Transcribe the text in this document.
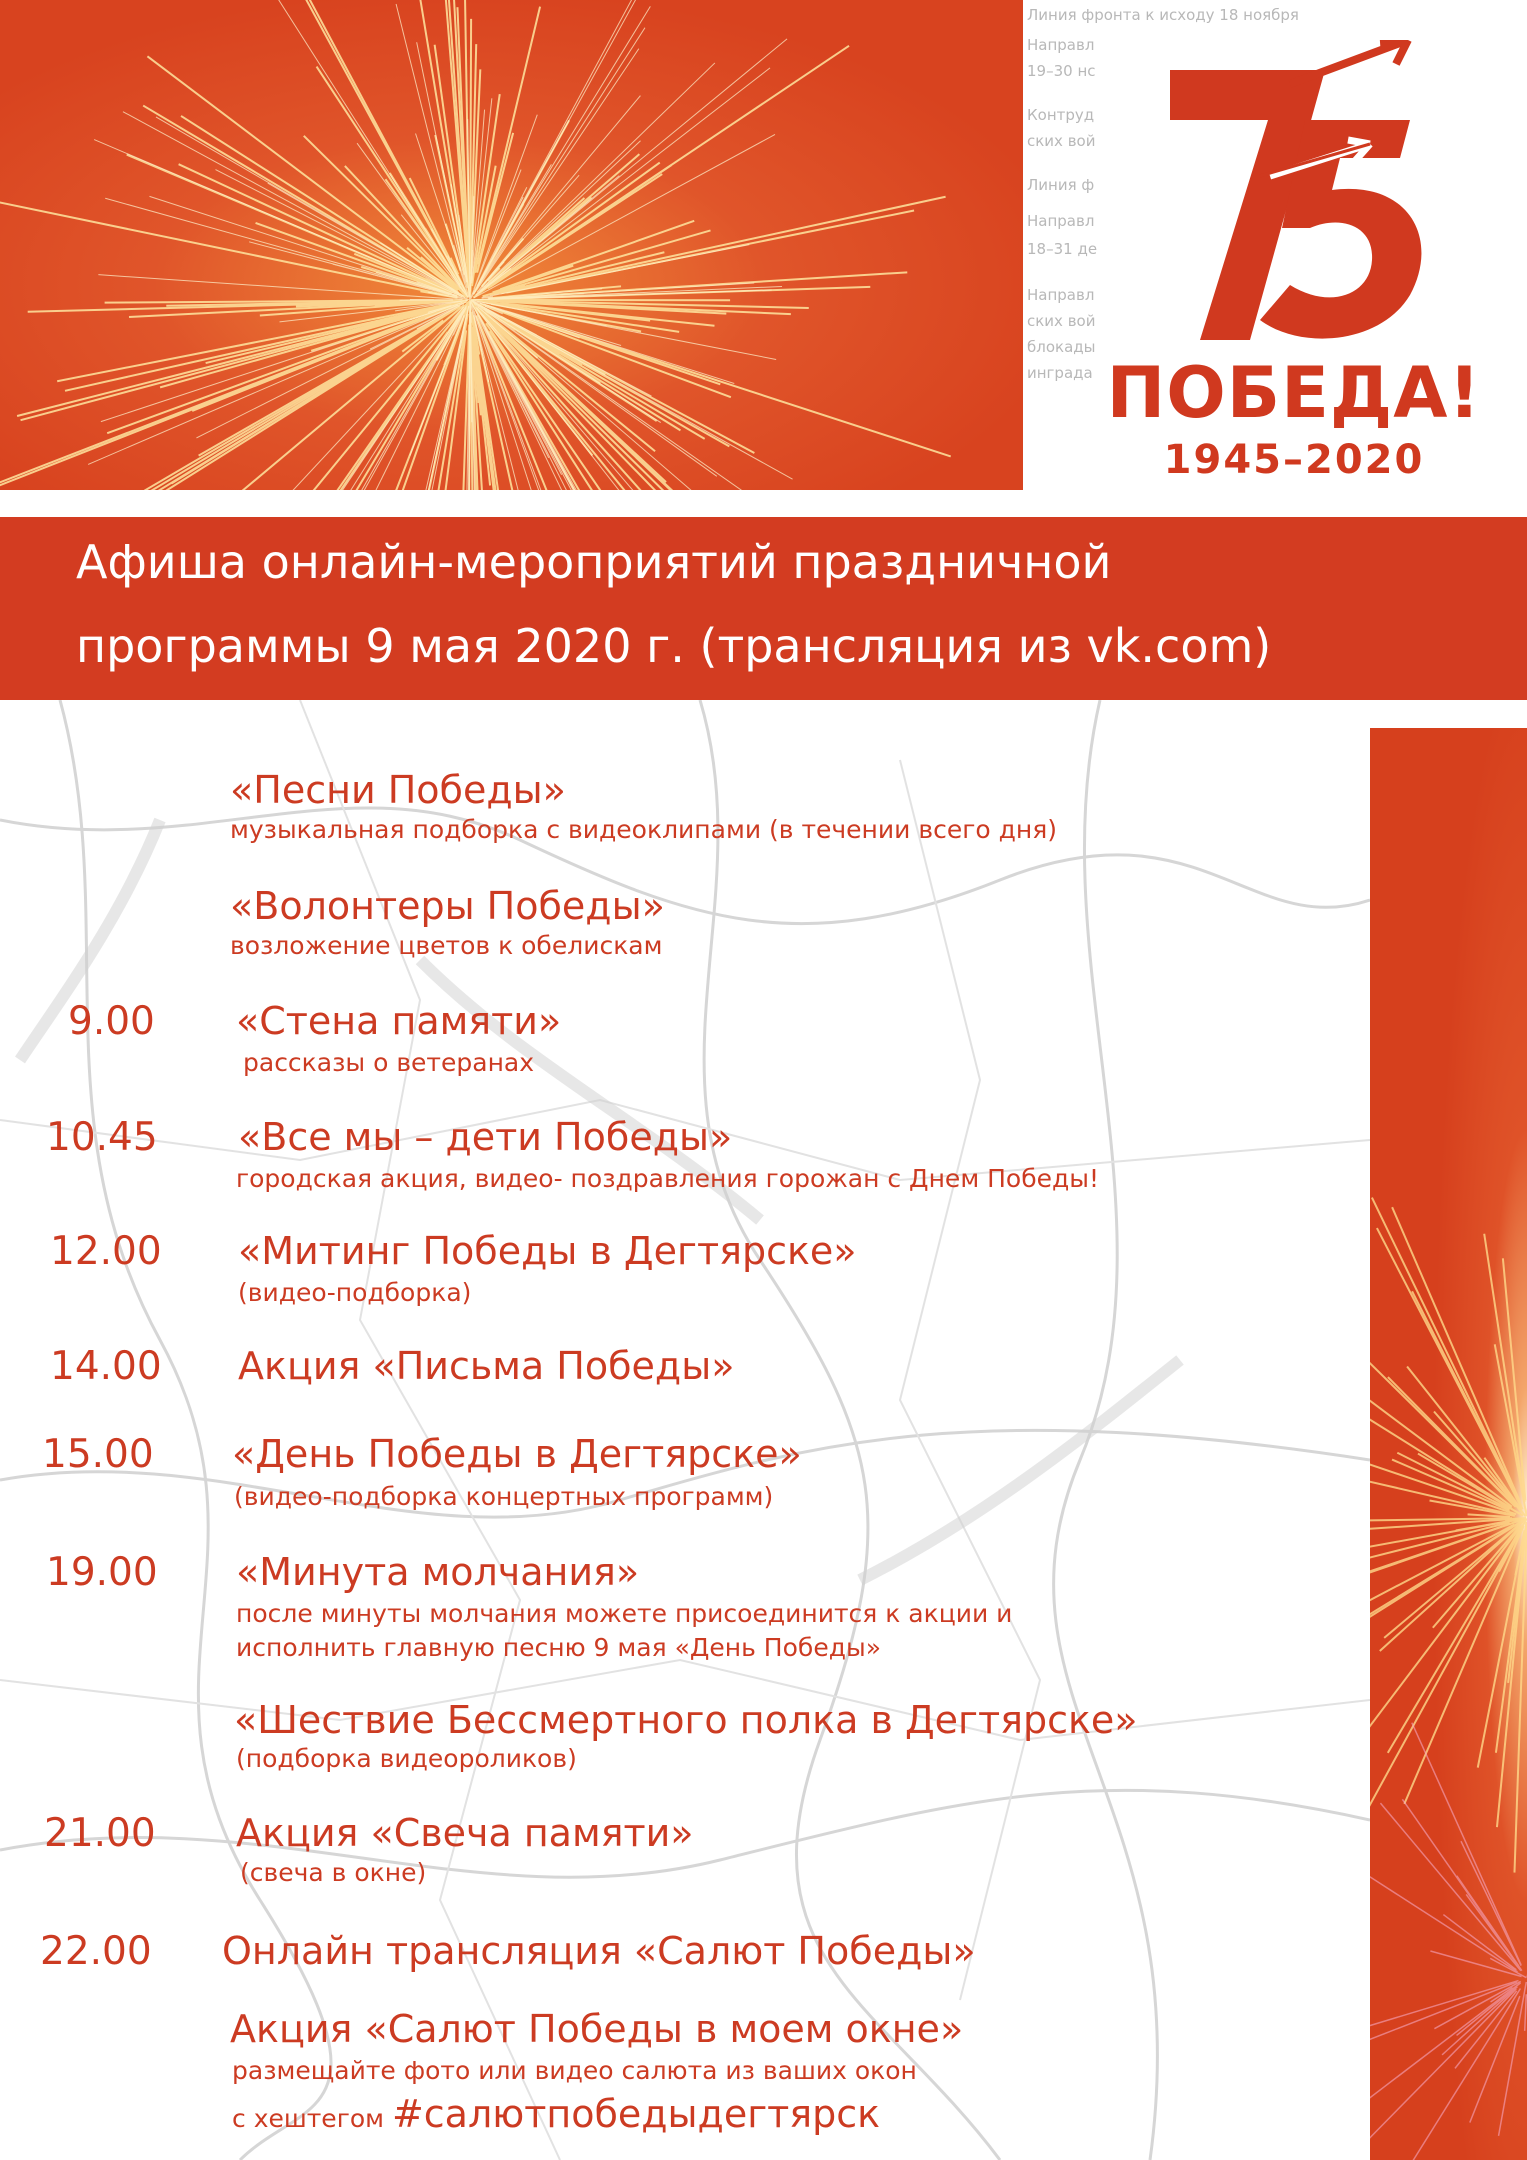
Линия фронта к исходу 18 ноября
Направл
19–30 нс
Контруд
ских вой
Линия ф
Направл
18–31 де
Направл
ских вой
блокады
инграда ПОБЕДА!
1945–2020
Афиша онлайн-мероприятий праздничной
программы 9 мая 2020 г. (трансляция из vk.com)
«Песни Победы»
музыкальная подборка с видеоклипами (в течении всего дня)
«Волонтеры Победы»
возложение цветов к обелискам
9.00 «Стена памяти»
рассказы о ветеранах
10.45 «Все мы – дети Победы»
городская акция, видео- поздравления горожан с Днем Победы!
12.00 «Митинг Победы в Дегтярске»
(видео-подборка)
14.00 Акция «Письма Победы»
15.00 «День Победы в Дегтярске»
(видео-подборка концертных программ)
19.00 «Минута молчания»
после минуты молчания можете присоединится к акции и
исполнить главную песню 9 мая «День Победы»
«Шествие Бессмертного полка в Дегтярске»
(подборка видеороликов)
21.00 Акция «Свеча памяти»
(свеча в окне)
22.00 Онлайн трансляция «Салют Победы»
Акция «Салют Победы в моем окне»
размещайте фото или видео салюта из ваших окон
с хештегом #салютпобедыдегтярск
